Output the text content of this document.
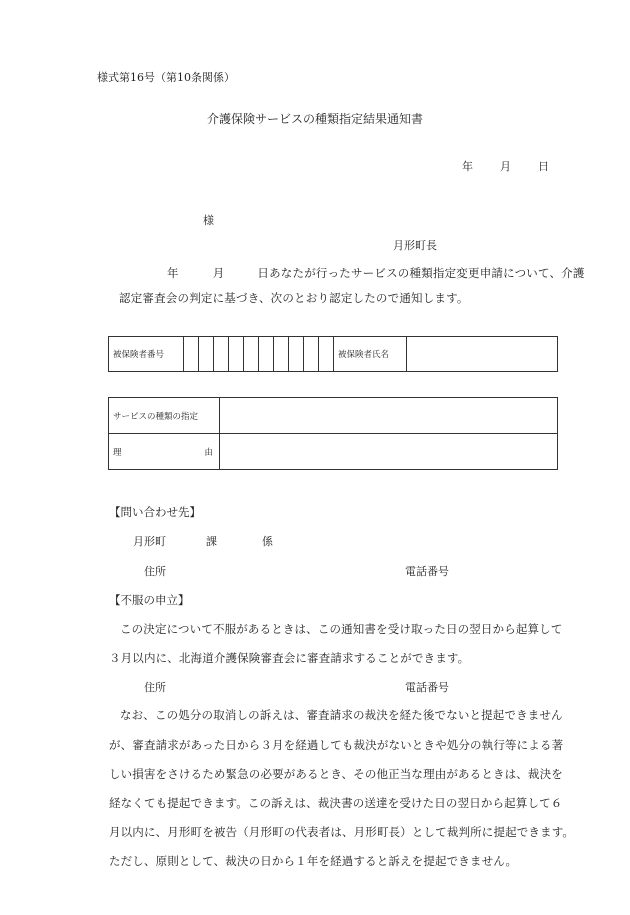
様式第16号（第10条関係）
介護保険サービスの種類指定結果通知書
年 月 日
様
月形町長
年	月	日あなたが行ったサービスの種類指定変更申請について、介護
認定審査会の判定に基づき、次のとおり認定したので通知します。
被保険者番号											被保険者氏名	
サービスの種類の指定	

理 由	

【問い合わせ先】
月形町	課	係
住所	電話番号
【不服の申立】
この決定について不服があるときは、この通知書を受け取った日の翌日から起算して
３月以内に、北海道介護保険審査会に審査請求することができます。
住所	電話番号
なお、この処分の取消しの訴えは、審査請求の裁決を経た後でないと提起できません
が、審査請求があった日から３月を経過しても裁決がないときや処分の執行等による著
しい損害をさけるため緊急の必要があるとき、その他正当な理由があるときは、裁決を
経なくても提起できます。この訴えは、裁決書の送達を受けた日の翌日から起算して６
月以内に、月形町を被告（月形町の代表者は、月形町長）として裁判所に提起できます。
ただし、原則として、裁決の日から１年を経過すると訴えを提起できません。
